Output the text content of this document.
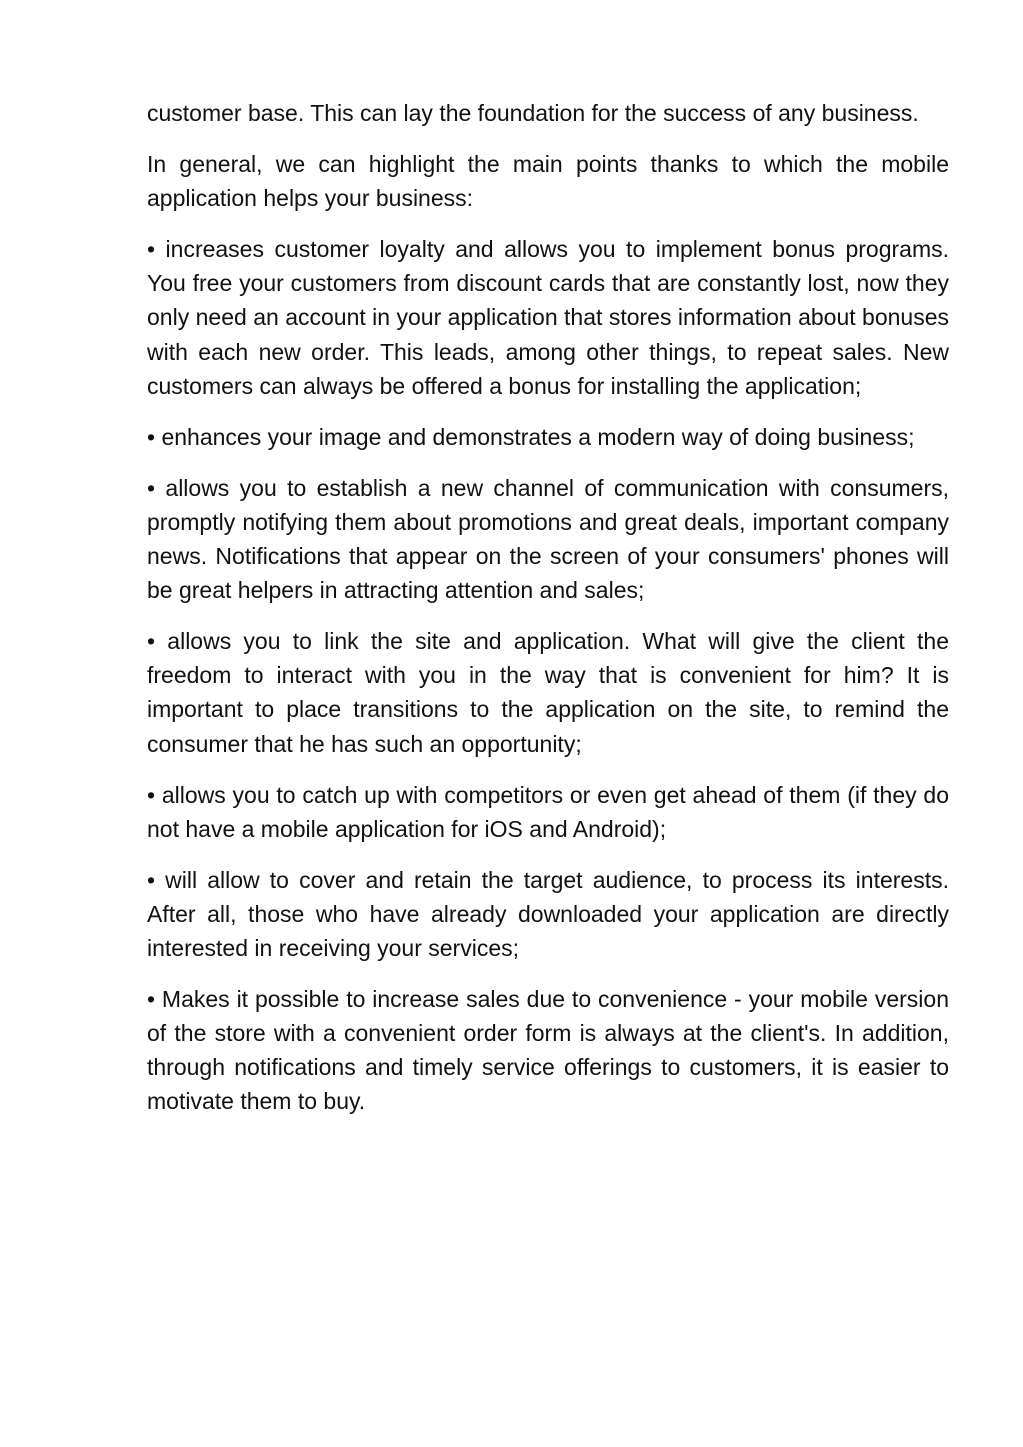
customer base. This can lay the foundation for the success of any business.

In general, we can highlight the main points thanks to which the mobile application helps your business:

• increases customer loyalty and allows you to implement bonus programs. You free your customers from discount cards that are constantly lost, now they only need an account in your application that stores information about bonuses with each new order. This leads, among other things, to repeat sales. New customers can always be offered a bonus for installing the application;

• enhances your image and demonstrates a modern way of doing business;

• allows you to establish a new channel of communication with consumers, promptly notifying them about promotions and great deals, important company news. Notifications that appear on the screen of your consumers' phones will be great helpers in attracting attention and sales;

• allows you to link the site and application. What will give the client the freedom to interact with you in the way that is convenient for him? It is important to place transitions to the application on the site, to remind the consumer that he has such an opportunity;

• allows you to catch up with competitors or even get ahead of them (if they do not have a mobile application for iOS and Android);

• will allow to cover and retain the target audience, to process its interests. After all, those who have already downloaded your application are directly interested in receiving your services;

• Makes it possible to increase sales due to convenience - your mobile version of the store with a convenient order form is always at the client's. In addition, through notifications and timely service offerings to customers, it is easier to motivate them to buy.
